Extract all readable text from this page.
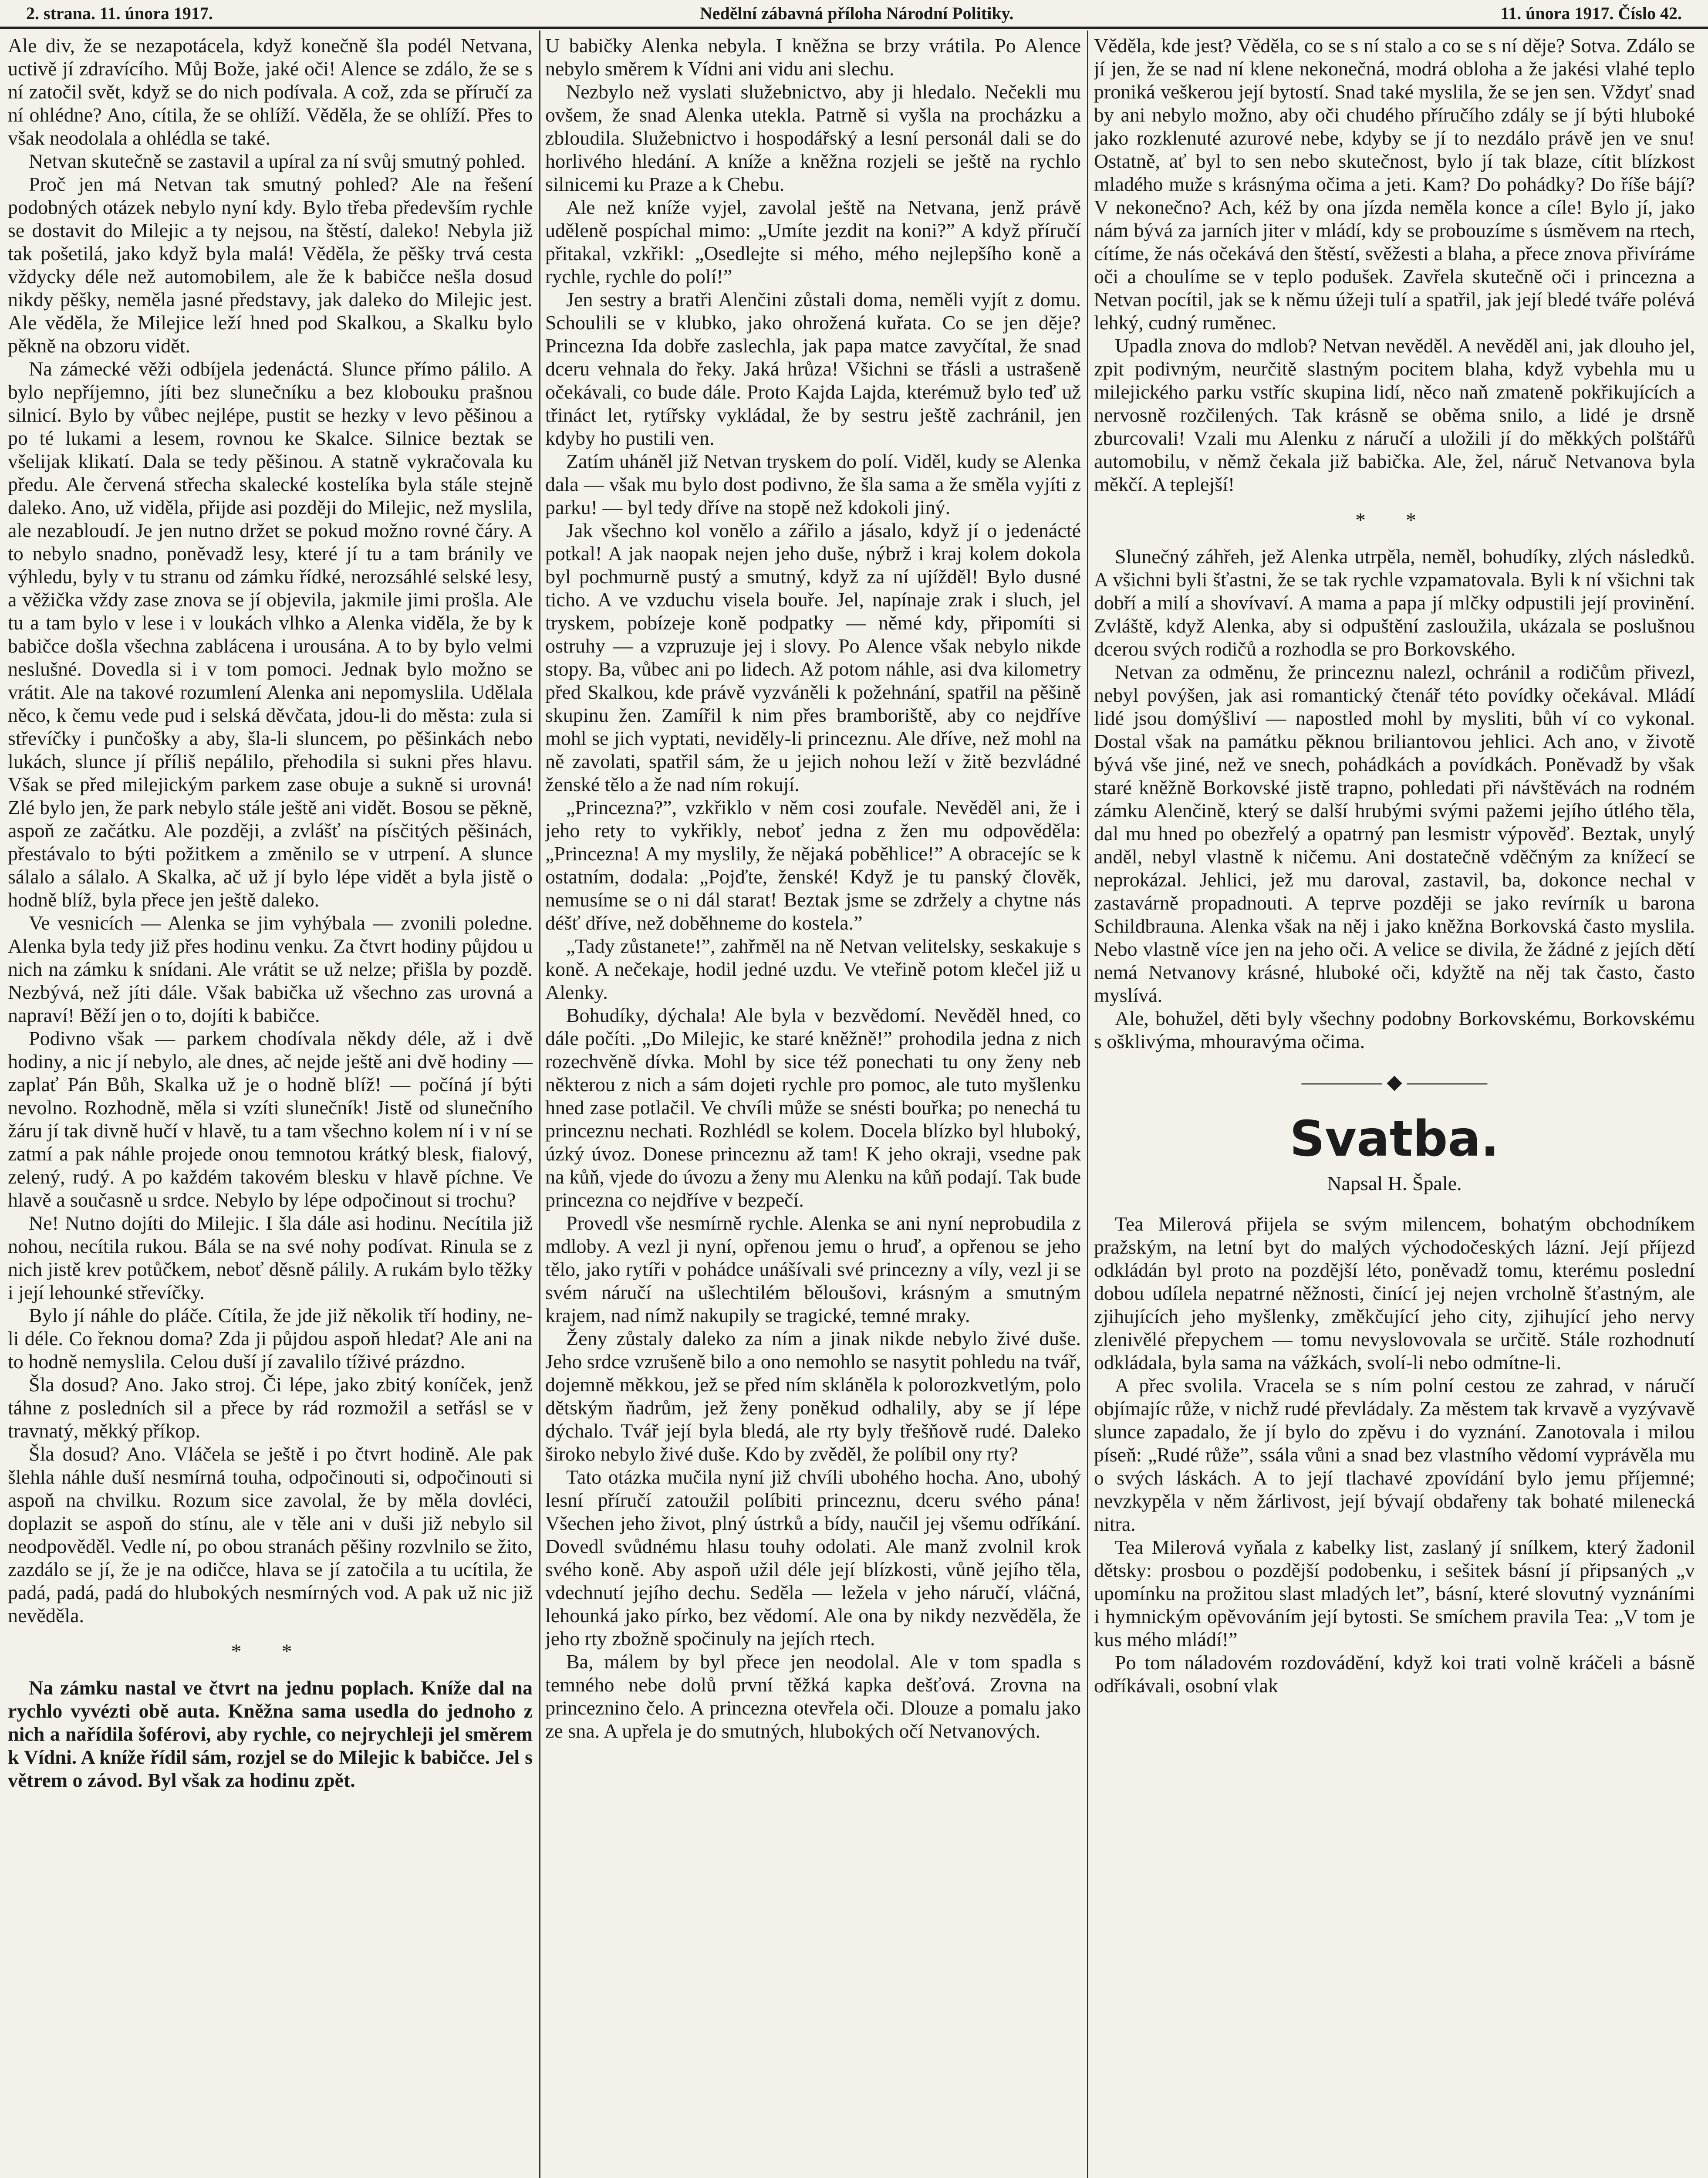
2. strana. 11. února 1917.	Nedělní zábavná příloha Národní Politiky.	11. února 1917. Číslo 42.

Ale div, že se nezapotácela, když konečně šla podél Netvana, uctivě jí zdravícího. Můj Bože, jaké oči! Alence se zdálo, že se s ní zatočil svět, když se do nich podívala. A což, zda se příručí za ní ohlédne? Ano, cítila, že se ohlíží. Věděla, že se ohlíží. Přes to však neodolala a ohlédla se také.

Netvan skutečně se zastavil a upíral za ní svůj smutný pohled.

Proč jen má Netvan tak smutný pohled? Ale na řešení podobných otázek nebylo nyní kdy. Bylo třeba především rychle se dostavit do Milejic a ty nejsou, na štěstí, daleko! Nebyla již tak pošetilá, jako když byla malá! Věděla, že pěšky trvá cesta vždycky déle než automobilem, ale že k babičce nešla dosud nikdy pěšky, neměla jasné představy, jak daleko do Milejic jest. Ale věděla, že Milejice leží hned pod Skalkou, a Skalku bylo pěkně na obzoru vidět.

Na zámecké věži odbíjela jedenáctá. Slunce přímo pálilo. A bylo nepříjemno, jíti bez slunečníku a bez klobouku prašnou silnicí. Bylo by vůbec nejlépe, pustit se hezky v levo pěšinou a po té lukami a lesem, rovnou ke Skalce. Silnice beztak se všelijak klikatí. Dala se tedy pěšinou. A statně vykračovala ku předu. Ale červená střecha skalecké kostelíka byla stále stejně daleko. Ano, už viděla, přijde asi později do Milejic, než myslila, ale nezabloudí. Je jen nutno držet se pokud možno rovné čáry. A to nebylo snadno, poněvadž lesy, které jí tu a tam bránily ve výhledu, byly v tu stranu od zámku řídké, nerozsáhlé selské lesy, a věžička vždy zase znova se jí objevila, jakmile jimi prošla. Ale tu a tam bylo v lese i v loukách vlhko a Alenka viděla, že by k babičce došla všechna zablácena i urousána. A to by bylo velmi neslušné. Dovedla si i v tom pomoci. Jednak bylo možno se vrátit. Ale na takové rozumlení Alenka ani nepomyslila. Udělala něco, k čemu vede pud i selská děvčata, jdou-li do města: zula si střevíčky i punčošky a aby, šla-li sluncem, po pěšinkách nebo lukách, slunce jí příliš nepálilo, přehodila si sukni přes hlavu. Však se před milejickým parkem zase obuje a sukně si urovná! Zlé bylo jen, že park nebylo stále ještě ani vidět. Bosou se pěkně, aspoň ze začátku. Ale později, a zvlášť na písčitých pěšinách, přestávalo to býti požitkem a změnilo se v utrpení. A slunce sálalo a sálalo. A Skalka, ač už jí bylo lépe vidět a byla jistě o hodně blíž, byla přece jen ještě daleko.

Ve vesnicích — Alenka se jim vyhýbala — zvonili poledne. Alenka byla tedy již přes hodinu venku. Za čtvrt hodiny půjdou u nich na zámku k snídani. Ale vrátit se už nelze; přišla by pozdě. Nezbývá, než jíti dále. Však babička už všechno zas urovná a napraví! Běží jen o to, dojíti k babičce.

Podivno však — parkem chodívala někdy déle, až i dvě hodiny, a nic jí nebylo, ale dnes, ač nejde ještě ani dvě hodiny — zaplať Pán Bůh, Skalka už je o hodně blíž! — počíná jí býti nevolno. Rozhodně, měla si vzíti slunečník! Jistě od slunečního žáru jí tak divně hučí v hlavě, tu a tam všechno kolem ní i v ní se zatmí a pak náhle projede onou temnotou krátký blesk, fialový, zelený, rudý. A po každém takovém blesku v hlavě píchne. Ve hlavě a současně u srdce. Nebylo by lépe odpočinout si trochu?

Ne! Nutno dojíti do Milejic. I šla dále asi hodinu. Necítila již nohou, necítila rukou. Bála se na své nohy podívat. Rinula se z nich jistě krev potůčkem, neboť děsně pálily. A rukám bylo těžky i její lehounké střevíčky.

Bylo jí náhle do pláče. Cítila, že jde již několik tří hodiny, ne-li déle. Co řeknou doma? Zda ji půjdou aspoň hledat? Ale ani na to hodně nemyslila. Celou duší jí zavalilo tíživé prázdno.

Šla dosud? Ano. Jako stroj. Či lépe, jako zbitý koníček, jenž táhne z posledních sil a přece by rád rozmožil a setřásl se v travnatý, měkký příkop.

Šla dosud? Ano. Vláčela se ještě i po čtvrt hodině. Ale pak šlehla náhle duší nesmírná touha, odpočinouti si, odpočinouti si aspoň na chvilku. Rozum sice zavolal, že by měla dovléci, doplazit se aspoň do stínu, ale v těle ani v duši již nebylo sil neodpověděl. Vedle ní, po obou stranách pěšiny rozvlnilo se žito, zazdálo se jí, že je na odičce, hlava se jí zatočila a tu ucítila, že padá, padá, padá do hlubokých nesmírných vod. A pak už nic již nevěděla.

* *

Na zámku nastal ve čtvrt na jednu poplach. Kníže dal na rychlo vyvézti obě auta. Kněžna sama usedla do jednoho z nich a nařídila šoférovi, aby rychle, co nejrychleji jel směrem k Vídni. A kníže řídil sám, rozjel se do Milejic k babičce. Jel s větrem o závod. Byl však za hodinu zpět.

U babičky Alenka nebyla. I kněžna se brzy vrátila. Po Alence nebylo směrem k Vídni ani vidu ani slechu.

Nezbylo než vyslati služebnictvo, aby ji hledalo. Nečekli mu ovšem, že snad Alenka utekla. Patrně si vyšla na procházku a zbloudila. Služebnictvo i hospodářský a lesní personál dali se do horlivého hledání. A kníže a kněžna rozjeli se ještě na rychlo silnicemi ku Praze a k Chebu.

Ale než kníže vyjel, zavolal ještě na Netvana, jenž právě uděleně pospíchal mimo: „Umíte jezdit na koni?” A když příručí přitakal, vzkřikl: „Osedlejte si mého, mého nejlepšího koně a rychle, rychle do polí!”

Jen sestry a bratři Alenčini zůstali doma, neměli vyjít z domu. Schoulili se v klubko, jako ohrožená kuřata. Co se jen děje? Princezna Ida dobře zaslechla, jak papa matce zavyčítal, že snad dceru vehnala do řeky. Jaká hrůza! Všichni se třásli a ustrašeně očekávali, co bude dále. Proto Kajda Lajda, kterémuž bylo teď už třináct let, rytířsky vykládal, že by sestru ještě zachránil, jen kdyby ho pustili ven.

Zatím uháněl již Netvan tryskem do polí. Viděl, kudy se Alenka dala — však mu bylo dost podivno, že šla sama a že směla vyjíti z parku! — byl tedy dříve na stopě než kdokoli jiný.

Jak všechno kol vonělo a zářilo a jásalo, když jí o jedenácté potkal! A jak naopak nejen jeho duše, nýbrž i kraj kolem dokola byl pochmurně pustý a smutný, když za ní ujížděl! Bylo dusné ticho. A ve vzduchu visela bouře. Jel, napínaje zrak i sluch, jel tryskem, pobízeje koně podpatky — němé kdy, připomíti si ostruhy — a vzpruzuje jej i slovy. Po Alence však nebylo nikde stopy. Ba, vůbec ani po lidech. Až potom náhle, asi dva kilometry před Skalkou, kde právě vyzváněli k požehnání, spatřil na pěšině skupinu žen. Zamířil k nim přes bramboriště, aby co nejdříve mohl se jich vyptati, neviděly-li princeznu. Ale dříve, než mohl na ně zavolati, spatřil sám, že u jejich nohou leží v žitě bezvládné ženské tělo a že nad ním rokují.

„Princezna?”, vzkřiklo v něm cosi zoufale. Nevěděl ani, že i jeho rety to vykřikly, neboť jedna z žen mu odpověděla: „Princezna! A my myslily, že nějaká poběhlice!” A obracejíc se k ostatním, dodala: „Pojďte, ženské! Když je tu panský člověk, nemusíme se o ni dál starat! Beztak jsme se zdržely a chytne nás déšť dříve, než doběhneme do kostela.”

„Tady zůstanete!”, zahřměl na ně Netvan velitelsky, seskakuje s koně. A nečekaje, hodil jedné uzdu. Ve vteřině potom klečel již u Alenky.

Bohudíky, dýchala! Ale byla v bezvědomí. Nevěděl hned, co dále počíti. „Do Milejic, ke staré kněžně!” prohodila jedna z nich rozechvěně dívka. Mohl by sice též ponechati tu ony ženy neb některou z nich a sám dojeti rychle pro pomoc, ale tuto myšlenku hned zase potlačil. Ve chvíli může se snésti bouřka; po nenechá tu princeznu nechati. Rozhlédl se kolem. Docela blízko byl hluboký, úzký úvoz. Donese princeznu až tam! K jeho okraji, vsedne pak na kůň, vjede do úvozu a ženy mu Alenku na kůň podají. Tak bude princezna co nejdříve v bezpečí.

Provedl vše nesmírně rychle. Alenka se ani nyní neprobudila z mdloby. A vezl ji nyní, opřenou jemu o hruď, a opřenou se jeho tělo, jako rytíři v pohádce unášívali své princezny a víly, vezl ji se svém náručí na ušlechtilém běloušovi, krásným a smutným krajem, nad nímž nakupily se tragické, temné mraky.

Ženy zůstaly daleko za ním a jinak nikde nebylo živé duše. Jeho srdce vzrušeně bilo a ono nemohlo se nasytit pohledu na tvář, dojemně měkkou, jež se před ním skláněla k polorozkvetlým, polo dětským ňadrům, jež ženy poněkud odhalily, aby se jí lépe dýchalo. Tvář její byla bledá, ale rty byly třešňově rudé. Daleko široko nebylo živé duše. Kdo by zvěděl, že políbil ony rty?

Tato otázka mučila nyní již chvíli ubohého hocha. Ano, ubohý lesní příručí zatoužil políbiti princeznu, dceru svého pána! Všechen jeho život, plný ústrků a bídy, naučil jej všemu odříkání. Dovedl svůdnému hlasu touhy odolati. Ale manž zvolnil krok svého koně. Aby aspoň užil déle její blízkosti, vůně jejího těla, vdechnutí jejího dechu. Seděla — ležela v jeho náručí, vláčná, lehounká jako pírko, bez vědomí. Ale ona by nikdy nezvěděla, že jeho rty zbožně spočinuly na jejích rtech.

Ba, málem by byl přece jen neodolal. Ale v tom spadla s temného nebe dolů první těžká kapka dešťová. Zrovna na princeznino čelo. A princezna otevřela oči. Dlouze a pomalu jako ze sna. A upřela je do smutných, hlubokých očí Netvanových.

Věděla, kde jest? Věděla, co se s ní stalo a co se s ní děje? Sotva. Zdálo se jí jen, že se nad ní klene nekonečná, modrá obloha a že jakési vlahé teplo proniká veškerou její bytostí. Snad také myslila, že se jen sen. Vždyť snad by ani nebylo možno, aby oči chudého příručího zdály se jí býti hluboké jako rozklenuté azurové nebe, kdyby se jí to nezdálo právě jen ve snu! Ostatně, ať byl to sen nebo skutečnost, bylo jí tak blaze, cítit blízkost mladého muže s krásnýma očima a jeti. Kam? Do pohádky? Do říše bájí? V nekonečno? Ach, kéž by ona jízda neměla konce a cíle! Bylo jí, jako nám bývá za jarních jiter v mládí, kdy se probouzíme s úsměvem na rtech, cítíme, že nás očekává den štěstí, svěžesti a blaha, a přece znova přivíráme oči a choulíme se v teplo podušek. Zavřela skutečně oči i princezna a Netvan pocítil, jak se k němu úžeji tulí a spatřil, jak její bledé tváře polévá lehký, cudný ruměnec.

Upadla znova do mdlob? Netvan nevěděl. A nevěděl ani, jak dlouho jel, zpit podivným, neurčitě slastným pocitem blaha, když vybehla mu u milejického parku vstříc skupina lidí, něco naň zmateně pokřikujících a nervosně rozčilených. Tak krásně se oběma snilo, a lidé je drsně zburcovali! Vzali mu Alenku z náručí a uložili jí do měkkých polštářů automobilu, v němž čekala již babička. Ale, žel, náruč Netvanova byla měkčí. A teplejší!

* *

Slunečný záhřeh, jež Alenka utrpěla, neměl, bohudíky, zlých následků. A všichni byli šťastni, že se tak rychle vzpamatovala. Byli k ní všichni tak dobří a milí a shovívaví. A mama a papa jí mlčky odpustili její provinění. Zvláště, když Alenka, aby si odpuštění zasloužila, ukázala se poslušnou dcerou svých rodičů a rozhodla se pro Borkovského.

Netvan za odměnu, že princeznu nalezl, ochránil a rodičům přivezl, nebyl povýšen, jak asi romantický čtenář této povídky očekával. Mládí lidé jsou domýšliví — napostled mohl by mysliti, bůh ví co vykonal. Dostal však na památku pěknou briliantovou jehlici. Ach ano, v životě bývá vše jiné, než ve snech, pohádkách a povídkách. Poněvadž by však staré kněžně Borkovské jistě trapno, pohledati při návštěvách na rodném zámku Alenčině, který se další hrubými svými pažemi jejího útlého těla, dal mu hned po obezřelý a opatrný pan lesmistr výpověď. Beztak, unylý anděl, nebyl vlastně k ničemu. Ani dostatečně vděčným za knížecí se neprokázal. Jehlici, jež mu daroval, zastavil, ba, dokonce nechal v zastavárně propadnouti. A teprve později se jako revírník u barona Schildbrauna. Alenka však na něj i jako kněžna Borkovská často myslila. Nebo vlastně více jen na jeho oči. A velice se divila, že žádné z jejích dětí nemá Netvanovy krásné, hluboké oči, kdyžtě na něj tak často, často myslívá.

Ale, bohužel, děti byly všechny podobny Borkovskému, Borkovskému s ošklivýma, mhouravýma očima.

———— ◆ ————
Svatba.
Napsal H. Špale.

Tea Milerová přijela se svým milencem, bohatým obchodníkem pražským, na letní byt do malých východočeských lázní. Její příjezd odkládán byl proto na pozdější léto, poněvadž tomu, kterému poslední dobou udílela nepatrné něžnosti, činící jej nejen vrcholně šťastným, ale zjihujících jeho myšlenky, změkčující jeho city, zjihující jeho nervy zlenivělé přepychem — tomu nevyslovovala se určitě. Stále rozhodnutí odkládala, byla sama na vážkách, svolí-li nebo odmítne-li.

A přec svolila. Vracela se s ním polní cestou ze zahrad, v náručí objímajíc růže, v nichž rudé převládaly. Za městem tak krvavě a vyzývavě slunce zapadalo, že jí bylo do zpěvu i do vyznání. Zanotovala i milou píseň: „Rudé růže”, ssála vůni a snad bez vlastního vědomí vyprávěla mu o svých láskách. A to její tlachavé zpovídání bylo jemu příjemné; nevzkypěla v něm žárlivost, její bývají obdařeny tak bohaté milenecká nitra.

Tea Milerová vyňala z kabelky list, zaslaný jí snílkem, který žadonil dětsky: prosbou o pozdější podobenku, i sešitek básní jí připsaných „v upomínku na prožitou slast mladých let”, básní, které slovutný vyznáními i hymnickým opěvováním její bytosti. Se smíchem pravila Tea: „V tom je kus mého mládí!”

Po tom náladovém rozdovádění, když koi trati volně kráčeli a básně odříkávali, osobní vlak
